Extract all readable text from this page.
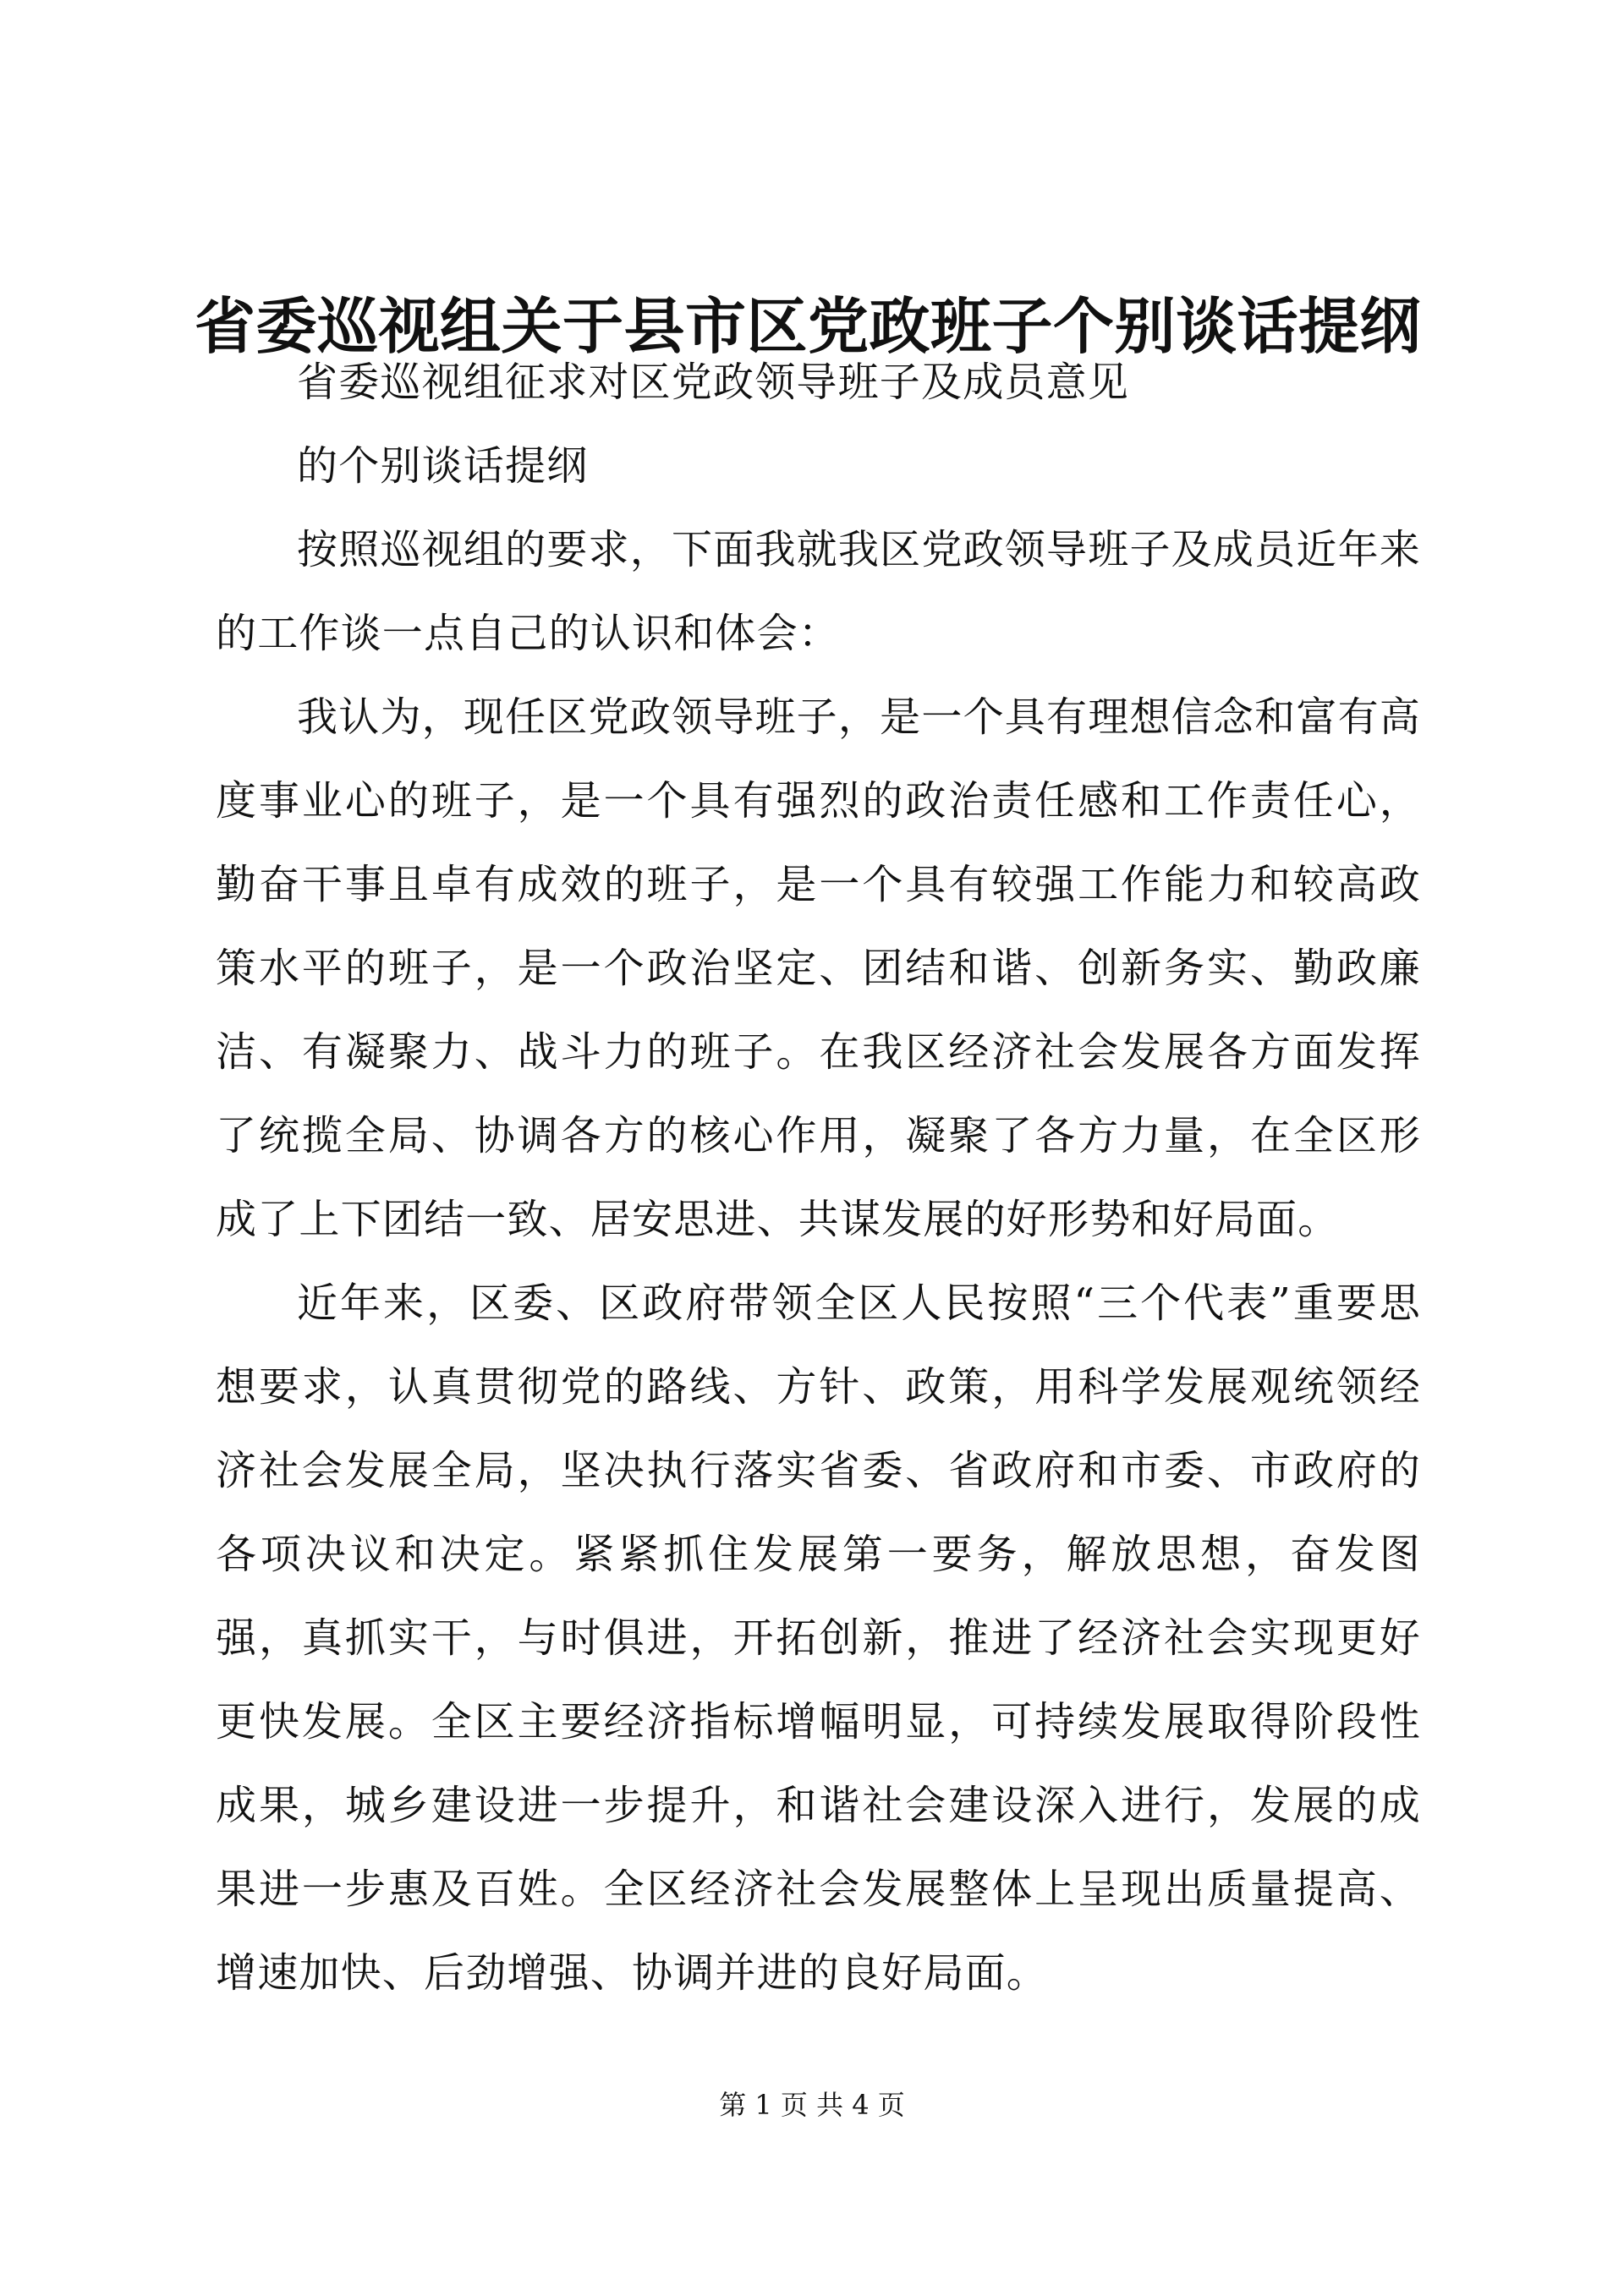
省委巡视组关于县市区党政班子个别谈话提纲

省委巡视组征求对区党政领导班子及成员意见

的个别谈话提纲

按照巡视组的要求，下面我就我区党政领导班子及成员近年来的工作谈一点自己的认识和体会：

我认为，现任区党政领导班子，是一个具有理想信念和富有高度事业心的班子，是一个具有强烈的政治责任感和工作责任心，勤奋干事且卓有成效的班子，是一个具有较强工作能力和较高政策水平的班子，是一个政治坚定、团结和谐、创新务实、勤政廉洁、有凝聚力、战斗力的班子。在我区经济社会发展各方面发挥了统揽全局、协调各方的核心作用，凝聚了各方力量，在全区形成了上下团结一致、居安思进、共谋发展的好形势和好局面。

近年来，区委、区政府带领全区人民按照“三个代表”重要思想要求，认真贯彻党的路线、方针、政策，用科学发展观统领经济社会发展全局，坚决执行落实省委、省政府和市委、市政府的各项决议和决定。紧紧抓住发展第一要务，解放思想，奋发图强，真抓实干，与时俱进，开拓创新，推进了经济社会实现更好更快发展。全区主要经济指标增幅明显，可持续发展取得阶段性成果，城乡建设进一步提升，和谐社会建设深入进行，发展的成果进一步惠及百姓。全区经济社会发展整体上呈现出质量提高、增速加快、后劲增强、协调并进的良好局面。

第 1 页 共 4 页
